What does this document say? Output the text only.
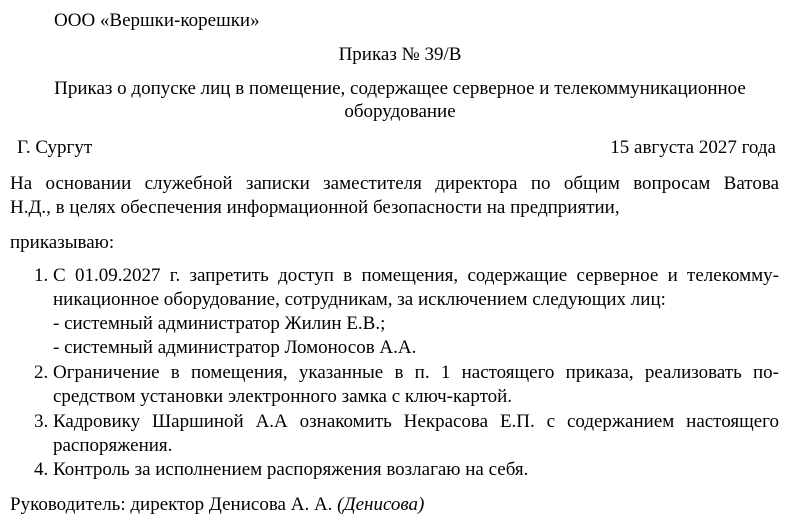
ООО «Вершки-корешки»
Приказ № 39/В
Приказ о допуске лиц в помещение, содержащее серверное и телекоммуникационное
оборудование
Г. Сургут	15 августа 2027 года
На основании служебной записки заместителя директора по общим вопросам Ватова
Н.Д., в целях обеспечения информационной безопасности на предприятии,
приказываю:
1. С 01.09.2027 г. запретить доступ в помещения, содержащие серверное и телекомму-
никационное оборудование, сотрудникам, за исключением следующих лиц:
- системный администратор Жилин Е.В.;
- системный администратор Ломоносов А.А.
2. Ограничение в помещения, указанные в п. 1 настоящего приказа, реализовать по-
средством установки электронного замка с ключ-картой.
3. Кадровику Шаршиной А.А ознакомить Некрасова Е.П. с содержанием настоящего
распоряжения.
4. Контроль за исполнением распоряжения возлагаю на себя.
Руководитель: директор Денисова А. А. (Денисова)
